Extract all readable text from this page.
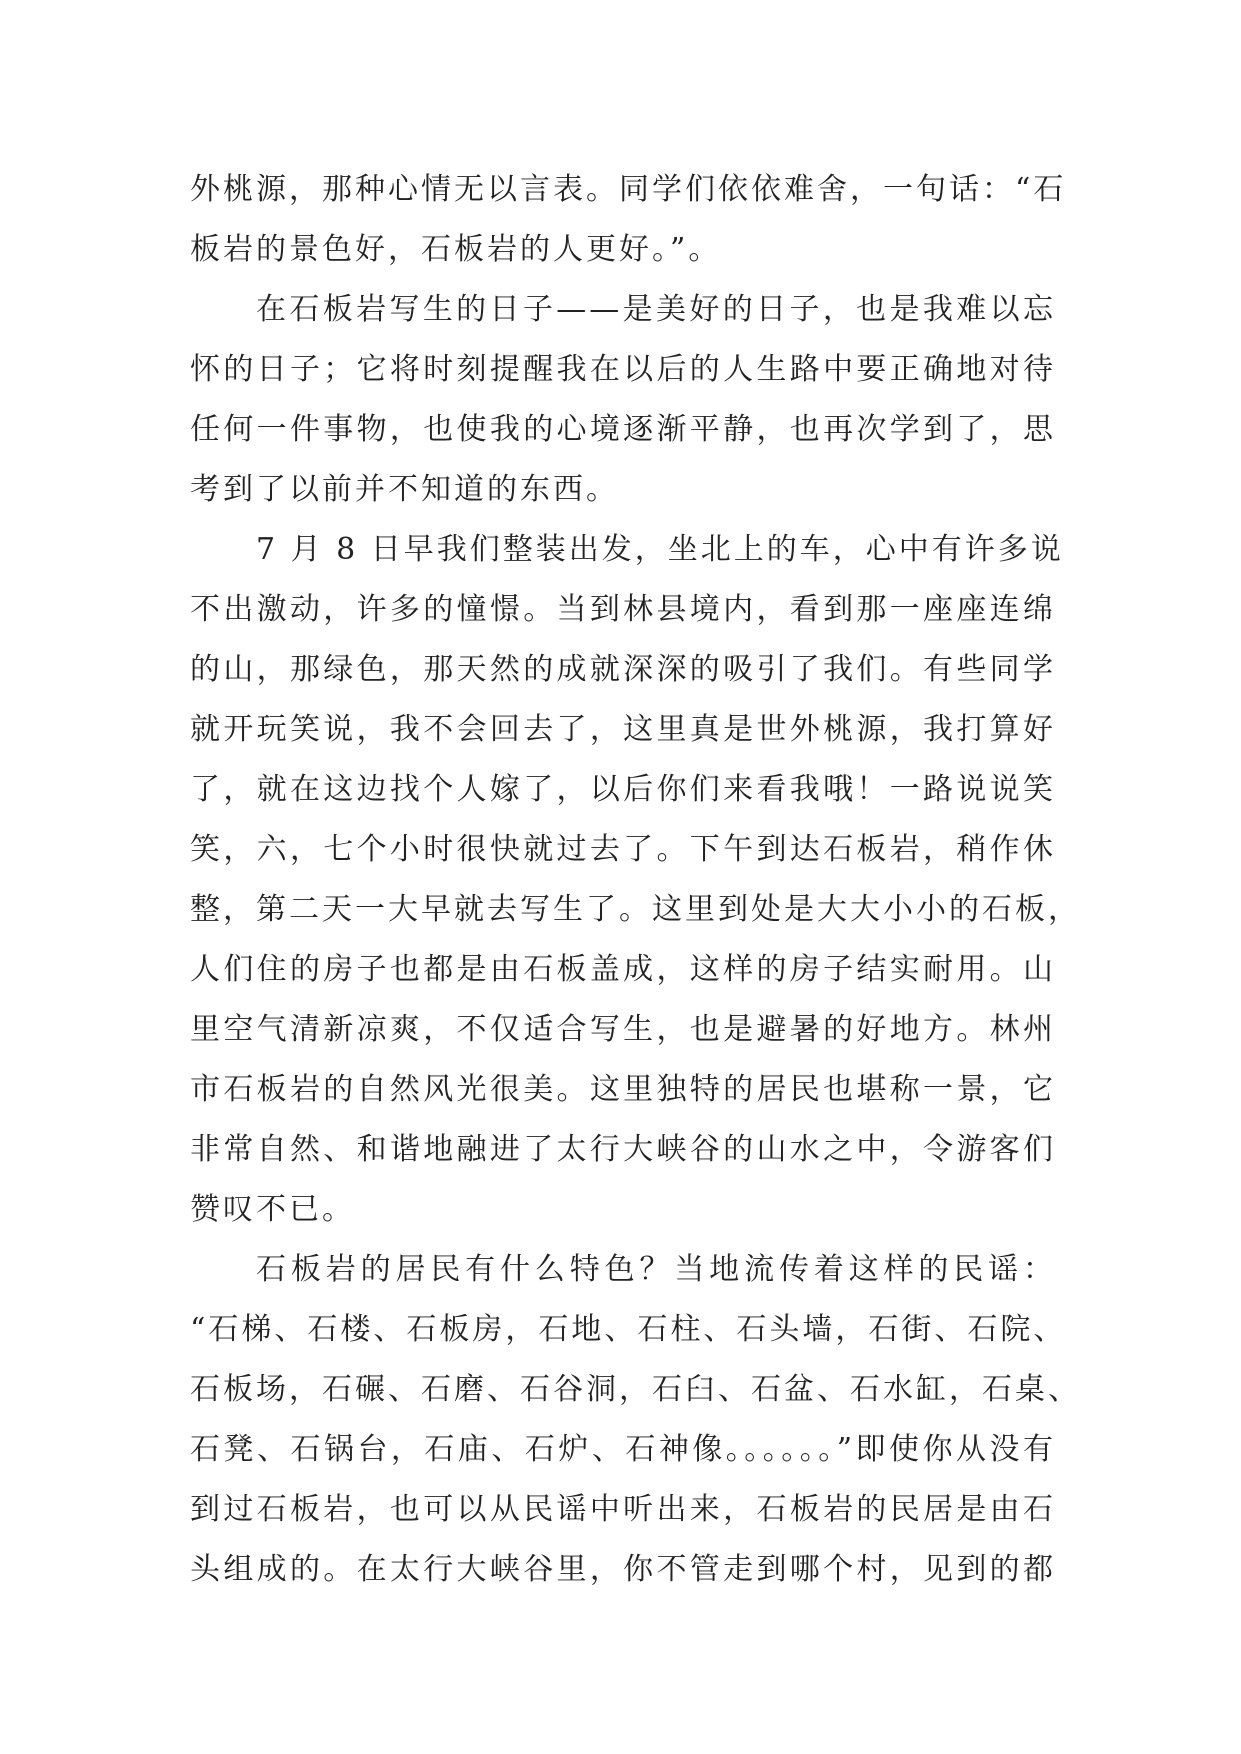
外桃源，那种心情无以言表。同学们依依难舍，一句话：“石
板岩的景色好，石板岩的人更好。”。
在石板岩写生的日子——是美好的日子，也是我难以忘
怀的日子；它将时刻提醒我在以后的人生路中要正确地对待
任何一件事物，也使我的心境逐渐平静，也再次学到了，思
考到了以前并不知道的东西。
7 月 8 日早我们整装出发，坐北上的车，心中有许多说
不出激动，许多的憧憬。当到林县境内，看到那一座座连绵
的山，那绿色，那天然的成就深深的吸引了我们。有些同学
就开玩笑说，我不会回去了，这里真是世外桃源，我打算好
了，就在这边找个人嫁了，以后你们来看我哦！一路说说笑
笑，六，七个小时很快就过去了。下午到达石板岩，稍作休
整，第二天一大早就去写生了。这里到处是大大小小的石板，
人们住的房子也都是由石板盖成，这样的房子结实耐用。山
里空气清新凉爽，不仅适合写生，也是避暑的好地方。林州
市石板岩的自然风光很美。这里独特的居民也堪称一景，它
非常自然、和谐地融进了太行大峡谷的山水之中，令游客们
赞叹不已。
石板岩的居民有什么特色？当地流传着这样的民谣：
“石梯、石楼、石板房，石地、石柱、石头墙，石街、石院、
石板场，石碾、石磨、石谷洞，石臼、石盆、石水缸，石桌、
石凳、石锅台，石庙、石炉、石神像。。。。。。”即使你从没有
到过石板岩，也可以从民谣中听出来，石板岩的民居是由石
头组成的。在太行大峡谷里，你不管走到哪个村，见到的都
